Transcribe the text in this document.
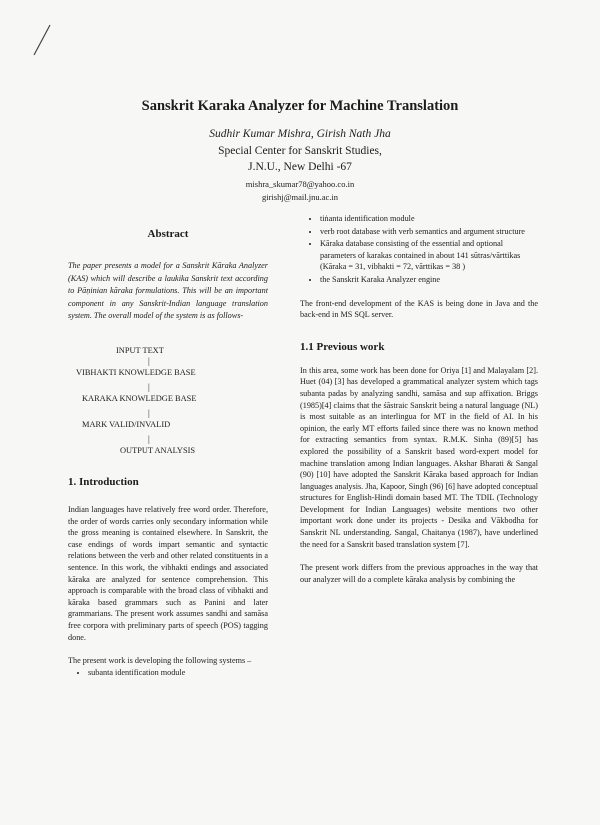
Sanskrit Karaka Analyzer for Machine Translation
Sudhir Kumar Mishra, Girish Nath Jha
Special Center for Sanskrit Studies,
J.N.U., New Delhi -67
mishra_skumar78@yahoo.co.in
girishj@mail.jnu.ac.in
Abstract
The paper presents a model for a Sanskrit Kāraka Analyzer (KAS) which will describe a laukika Sanskrit text according to Pāṇinian kāraka formulations. This will be an important component in any Sanskrit-Indian language translation system. The overall model of the system is as follows-
INPUT TEXT
|
VIBHAKTI KNOWLEDGE BASE
|
KARAKA KNOWLEDGE BASE
|
MARK VALID/INVALID
|
OUTPUT ANALYSIS
1. Introduction
Indian languages have relatively free word order. Therefore, the order of words carries only secondary information while the gross meaning is contained elsewhere. In Sanskrit, the case endings of words impart semantic and syntactic relations between the verb and other related constituents in a sentence. In this work, the vibhakti endings and associated kāraka are analyzed for sentence comprehension. This approach is comparable with the broad class of vibhakti and kāraka based grammars such as Panini and later grammarians. The present work assumes sandhi and samāsa free corpora with preliminary parts of speech (POS) tagging done.
The present work is developing the following systems –
• subanta identification module
• tiṅanta identification module
• verb root database with verb semantics and argument structure
• Kāraka database consisting of the essential and optional parameters of karakas contained in about 141 sūtras/vārttikas (Kāraka = 31, vibhakti = 72, vārttikas = 38 )
• the Sanskrit Karaka Analyzer engine
The front-end development of the KAS is being done in Java and the back-end in MS SQL server.
1.1 Previous work
In this area, some work has been done for Oriya [1] and Malayalam [2]. Huet (04) [3] has developed a grammatical analyzer system which tags subanta padas by analyzing sandhi, samāsa and sup affixation. Briggs (1985)[4] claims that the śāstraic Sanskrit being a natural language (NL) is most suitable as an interlingua for MT in the field of AI. In his opinion, the early MT efforts failed since there was no known method for extracting semantics from syntax. R.M.K. Sinha (89)[5] has explored the possibility of a Sanskrit based word-expert model for machine translation among Indian languages. Akshar Bharati & Sangal (90) [10] have adopted the Sanskrit Kāraka based approach for Indian languages analysis. Jha, Kapoor, Singh (96) [6] have adopted conceptual structures for English-Hindi domain based MT. The TDIL (Technology Development for Indian Languages) website mentions two other important work done under its projects - Desika and Vākbodha for Sanskrit NL understanding. Sangal, Chaitanya (1987), have underlined the need for a Sanskrit based translation system [7].
The present work differs from the previous approaches in the way that our analyzer will do a complete kāraka analysis by combining the
